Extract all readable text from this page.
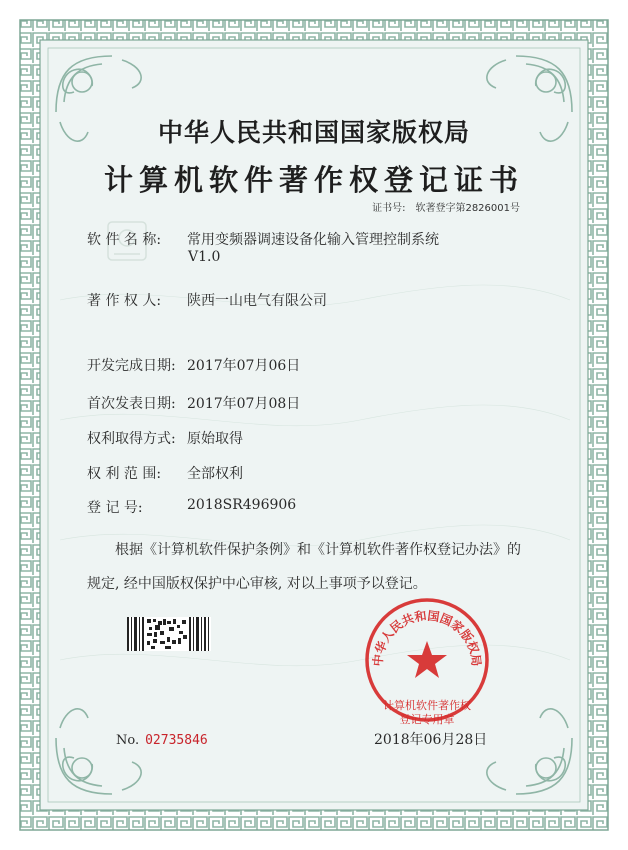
中华人民共和国国家版权局
计算机软件著作权登记证书
证书号: 软著登字第2826001号
软 件 名 称: 常用变频器调速设备化输入管理控制系统
V1.0
著 作 权 人: 陕西一山电气有限公司
开发完成日期: 2017年07月06日
首次发表日期: 2017年07月08日
权利取得方式: 原始取得
权 利 范 围: 全部权利
登 记 号:	2018SR496906
根据《计算机软件保护条例》和《计算机软件著作权登记办法》的
规定, 经中国版权保护中心审核, 对以上事项予以登记。
中华人民共和国国家版权局
计算机软件著作权
登记专用章
No. 02735846	2018年06月28日
